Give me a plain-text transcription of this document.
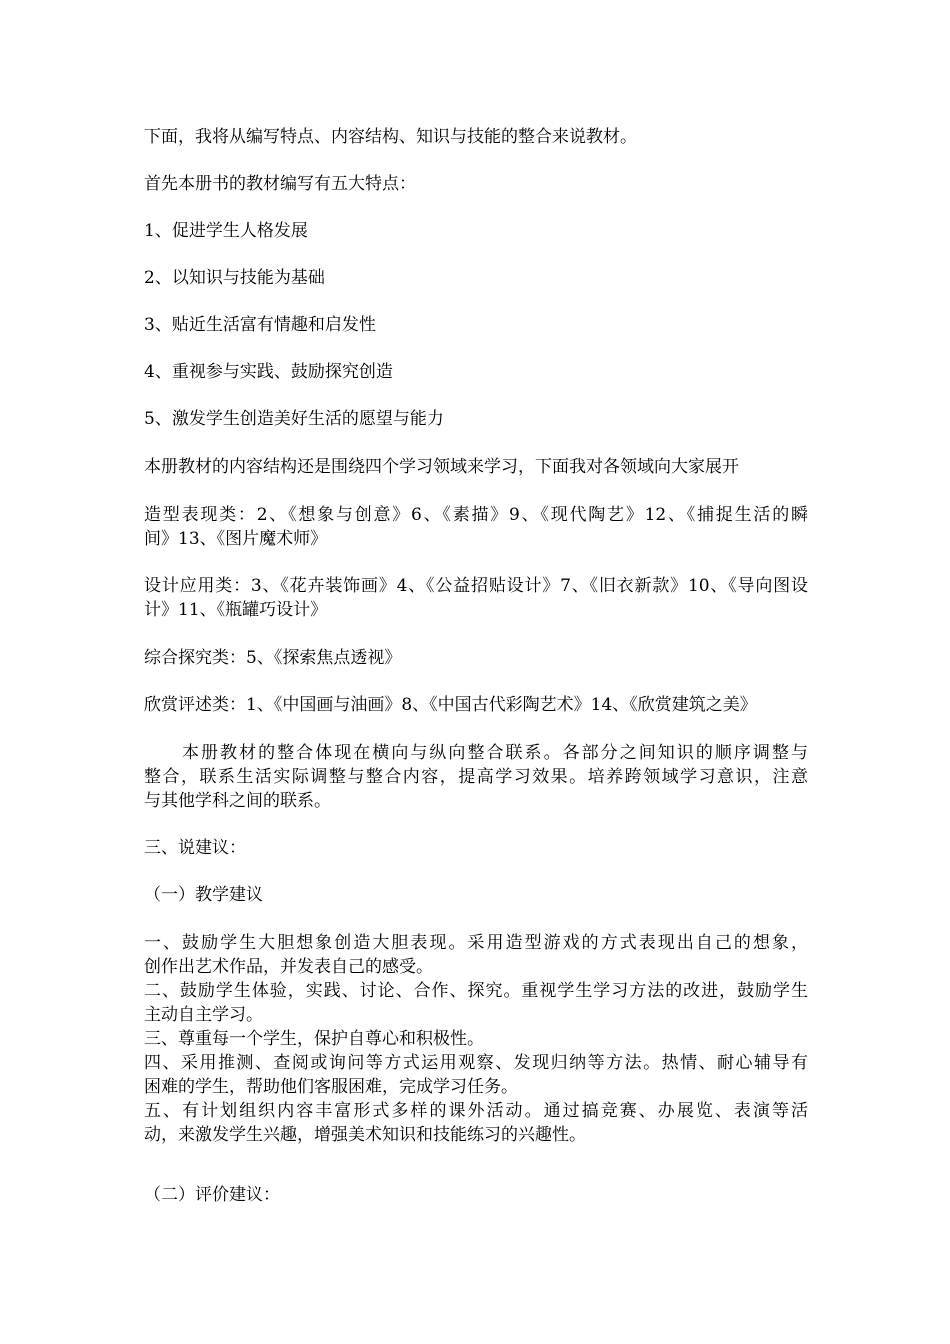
下面，我将从编写特点、内容结构、知识与技能的整合来说教材。
首先本册书的教材编写有五大特点：
1、促进学生人格发展
2、以知识与技能为基础
3、贴近生活富有情趣和启发性
4、重视参与实践、鼓励探究创造
5、激发学生创造美好生活的愿望与能力
本册教材的内容结构还是围绕四个学习领域来学习，下面我对各领域向大家展开
造型表现类：2、《想象与创意》6、《素描》9、《现代陶艺》12、《捕捉生活的瞬
间》13、《图片魔术师》
设计应用类：3、《花卉装饰画》4、《公益招贴设计》7、《旧衣新款》10、《导向图设
计》11、《瓶罐巧设计》
综合探究类：5、《探索焦点透视》
欣赏评述类：1、《中国画与油画》8、《中国古代彩陶艺术》14、《欣赏建筑之美》
本册教材的整合体现在横向与纵向整合联系。各部分之间知识的顺序调整与
整合，联系生活实际调整与整合内容，提高学习效果。培养跨领域学习意识，注意
与其他学科之间的联系。
三、说建议：
（一）教学建议
一、鼓励学生大胆想象创造大胆表现。采用造型游戏的方式表现出自己的想象，
创作出艺术作品，并发表自己的感受。
二、鼓励学生体验，实践、讨论、合作、探究。重视学生学习方法的改进，鼓励学生
主动自主学习。
三、尊重每一个学生，保护自尊心和积极性。
四、采用推测、查阅或询问等方式运用观察、发现归纳等方法。热情、耐心辅导有
困难的学生，帮助他们客服困难，完成学习任务。
五、有计划组织内容丰富形式多样的课外活动。通过搞竞赛、办展览、表演等活
动，来激发学生兴趣，增强美术知识和技能练习的兴趣性。
（二）评价建议：
